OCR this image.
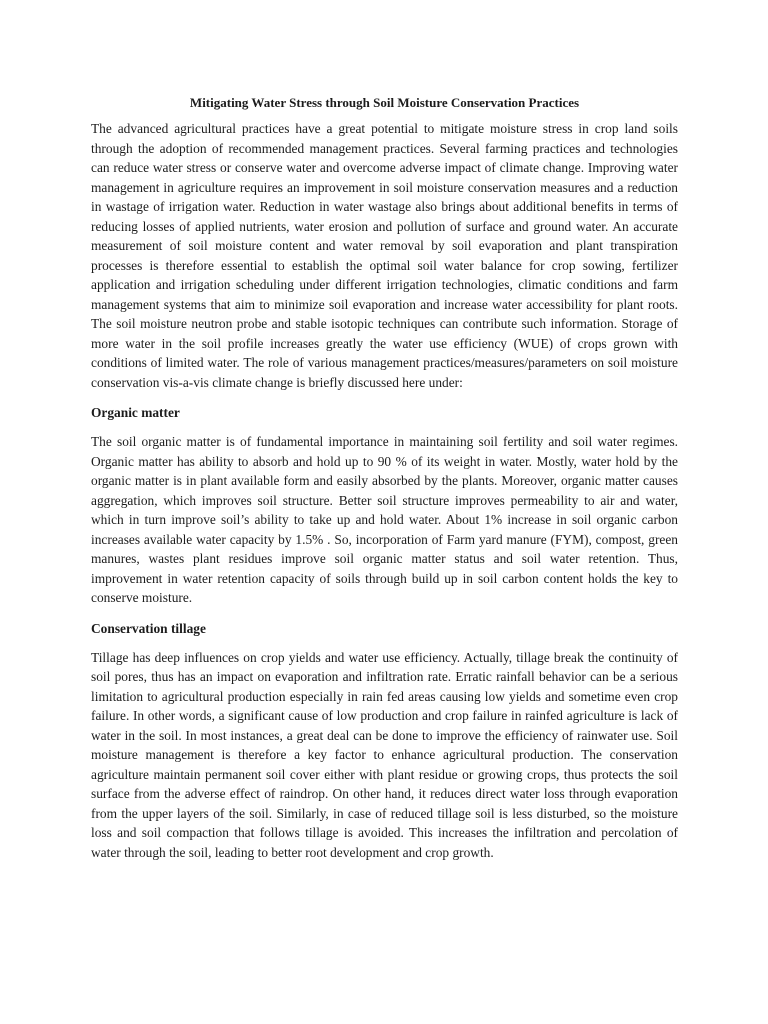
Mitigating Water Stress through Soil Moisture Conservation Practices

The advanced agricultural practices have a great potential to mitigate moisture stress in crop land soils through the adoption of recommended management practices. Several farming practices and technologies can reduce water stress or conserve water and overcome adverse impact of climate change. Improving water management in agriculture requires an improvement in soil moisture conservation measures and a reduction in wastage of irrigation water. Reduction in water wastage also brings about additional benefits in terms of reducing losses of applied nutrients, water erosion and pollution of surface and ground water. An accurate measurement of soil moisture content and water removal by soil evaporation and plant transpiration processes is therefore essential to establish the optimal soil water balance for crop sowing, fertilizer application and irrigation scheduling under different irrigation technologies, climatic conditions and farm management systems that aim to minimize soil evaporation and increase water accessibility for plant roots. The soil moisture neutron probe and stable isotopic techniques can contribute such information. Storage of more water in the soil profile increases greatly the water use efficiency (WUE) of crops grown with conditions of limited water. The role of various management practices/measures/parameters on soil moisture conservation vis-a-vis climate change is briefly discussed here under:

Organic matter

The soil organic matter is of fundamental importance in maintaining soil fertility and soil water regimes. Organic matter has ability to absorb and hold up to 90 % of its weight in water. Mostly, water hold by the organic matter is in plant available form and easily absorbed by the plants. Moreover, organic matter causes aggregation, which improves soil structure. Better soil structure improves permeability to air and water, which in turn improve soil’s ability to take up and hold water. About 1% increase in soil organic carbon increases available water capacity by 1.5% . So, incorporation of Farm yard manure (FYM), compost, green manures, wastes plant residues improve soil organic matter status and soil water retention. Thus, improvement in water retention capacity of soils through build up in soil carbon content holds the key to conserve moisture.

Conservation tillage

Tillage has deep influences on crop yields and water use efficiency. Actually, tillage break the continuity of soil pores, thus has an impact on evaporation and infiltration rate. Erratic rainfall behavior can be a serious limitation to agricultural production especially in rain fed areas causing low yields and sometime even crop failure. In other words, a significant cause of low production and crop failure in rainfed agriculture is lack of water in the soil. In most instances, a great deal can be done to improve the efficiency of rainwater use. Soil moisture management is therefore a key factor to enhance agricultural production. The conservation agriculture maintain permanent soil cover either with plant residue or growing crops, thus protects the soil surface from the adverse effect of raindrop. On other hand, it reduces direct water loss through evaporation from the upper layers of the soil. Similarly, in case of reduced tillage soil is less disturbed, so the moisture loss and soil compaction that follows tillage is avoided. This increases the infiltration and percolation of water through the soil, leading to better root development and crop growth.
